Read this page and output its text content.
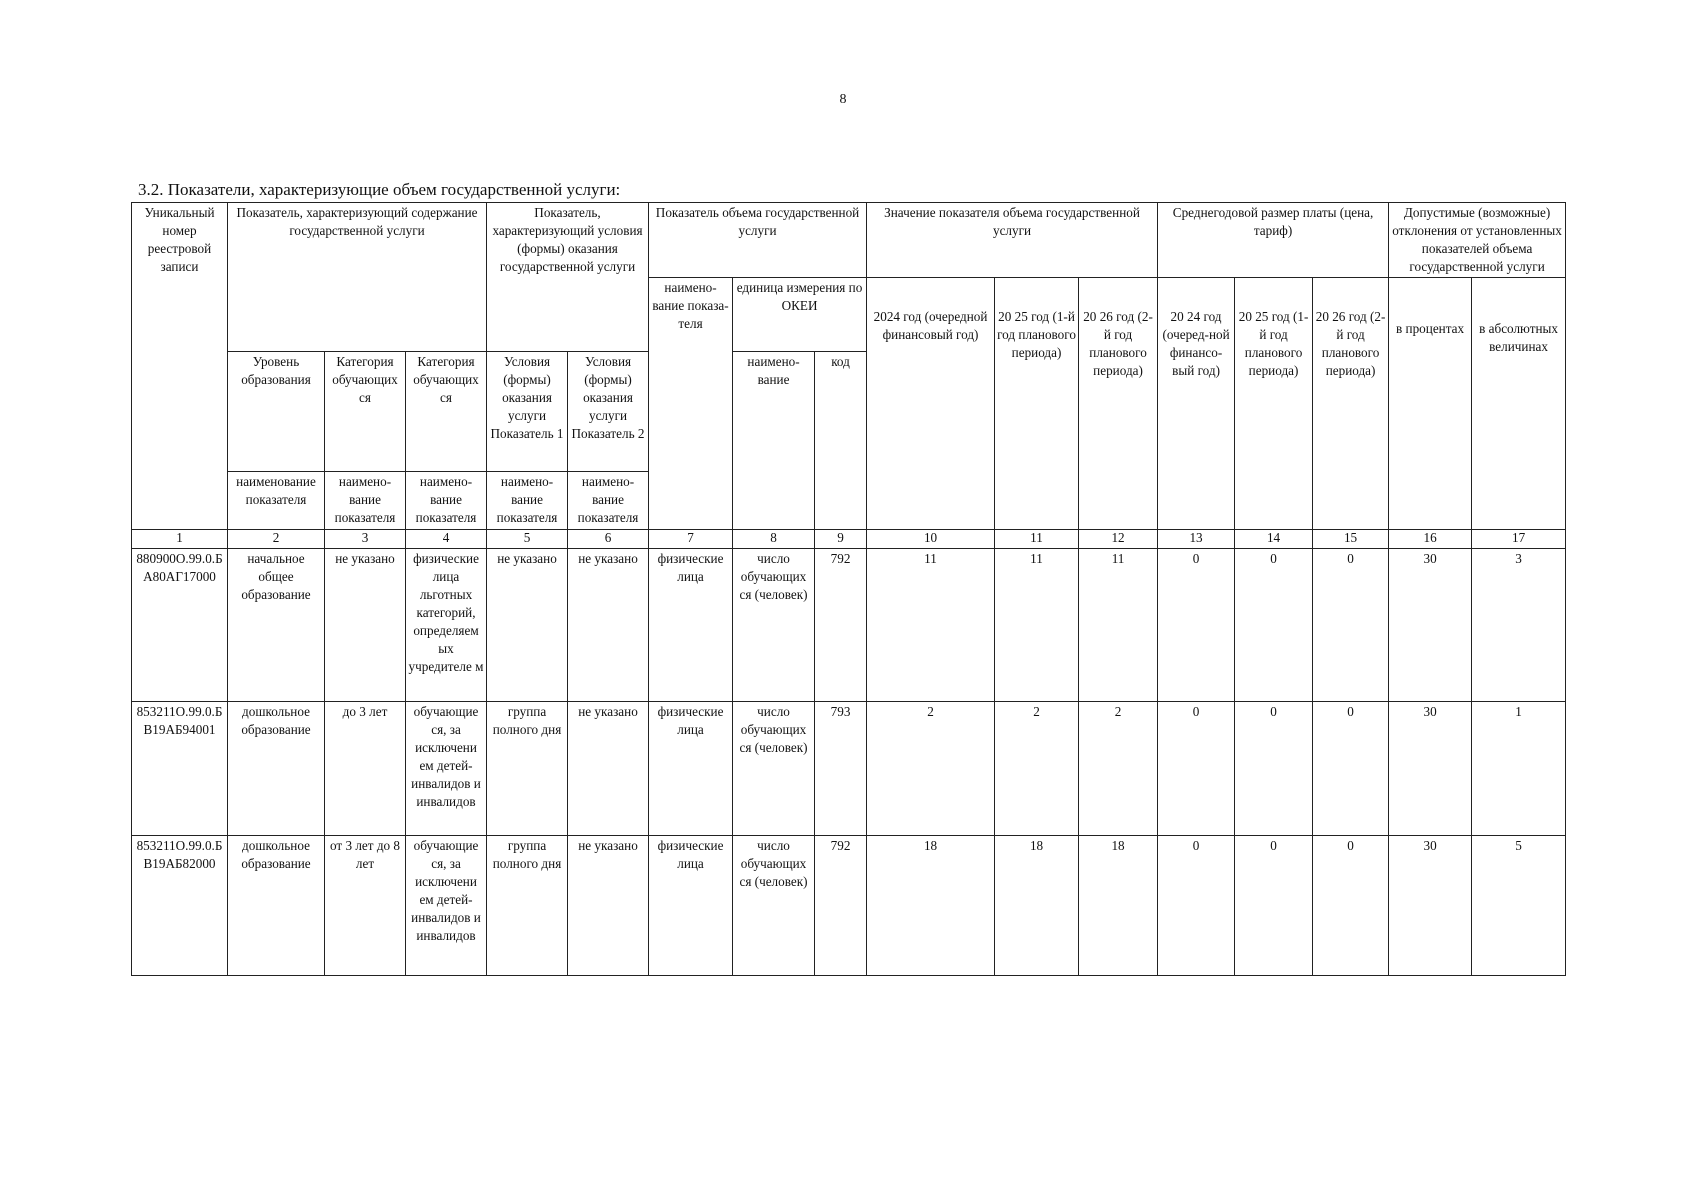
8
3.2. Показатели, характеризующие объем государственной услуги:
Уникальный номер реестровой записи	Показатель, характеризующий содержание государственной услуги			Показатель, характеризующий условия (формы) оказания государственной услуги		Показатель объема государственной услуги			Значение показателя объема государственной услуги			Среднегодовой размер платы (цена, тариф)			Допустимые (возможные) отклонения от установленных показателей объема государственной услуги	
						наимено-вание показа-теля	единица измерения по ОКЕИ		2024 год (очередной финансовый год)	20 25 год (1-й год планового периода)	20 26 год (2-й год планового периода)	20 24 год (очеред-ной финансо-вый год)	20 25 год (1-й год планового периода)	20 26 год (2-й год планового периода)	в процентах	в абсолютных величинах
	Уровень образования	Категория обучающих ся	Категория обучающих ся	Условия (формы) оказания услуги Показатель 1	Условия (формы) оказания услуги Показатель 2		наимено-вание	код								
	наименование показателя	наимено-вание показателя	наимено-вание показателя	наимено-вание показателя	наимено-вание показателя											
1	2	3	4	5	6	7	8	9	10	11	12	13	14	15	16	17
880900О.99.0.БА80АГ17000	начальное общее образование	не указано	физические лица льготных категорий, определяем ых учредителе м	не указано	не указано	физические лица	число обучающих ся (человек)	792	11	11	11	0	0	0	30	3
853211О.99.0.БВ19АБ94001	дошкольное образование	до 3 лет	обучающие ся, за исключени ем детей-инвалидов и инвалидов	группа полного дня	не указано	физические лица	число обучающих ся (человек)	793	2	2	2	0	0	0	30	1
853211О.99.0.БВ19АБ82000	дошкольное образование	от 3 лет до 8 лет	обучающие ся, за исключени ем детей-инвалидов и инвалидов	группа полного дня	не указано	физические лица	число обучающих ся (человек)	792	18	18	18	0	0	0	30	5
